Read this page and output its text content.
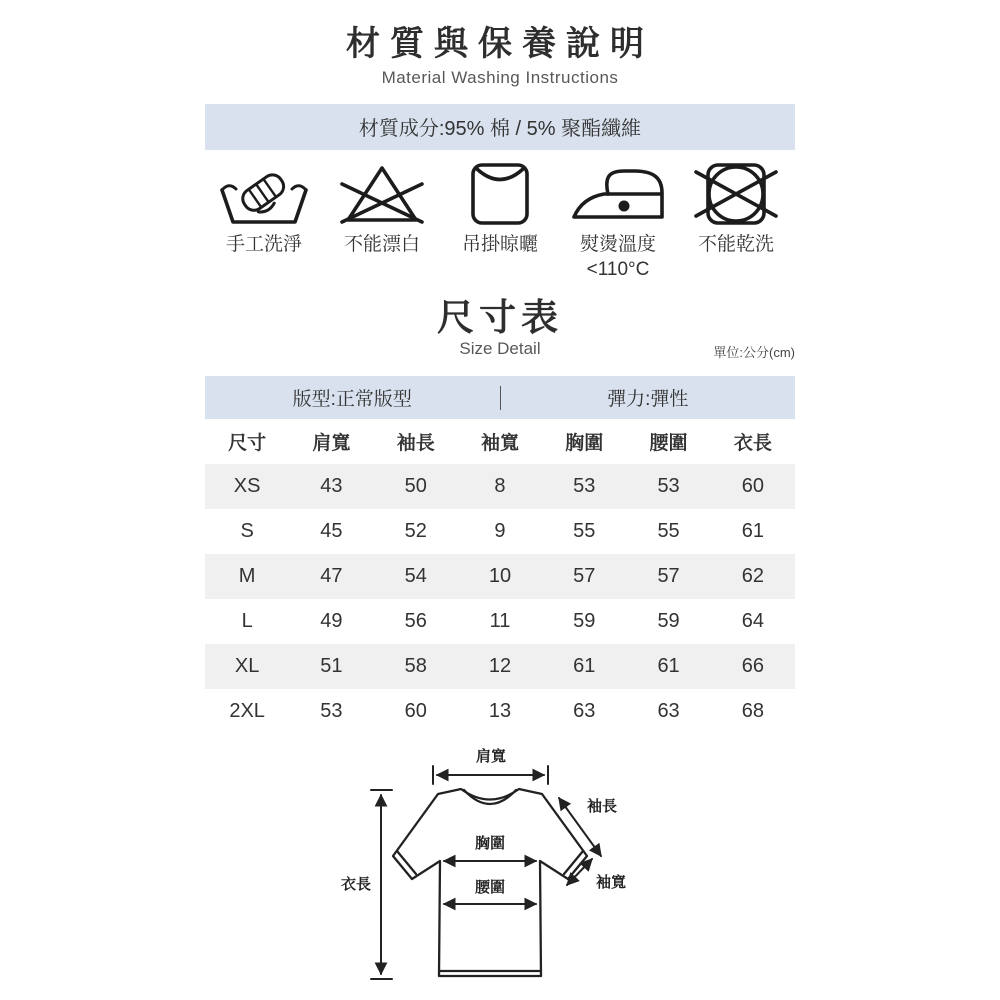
材質與保養說明
Material Washing Instructions
材質成分:95% 棉 / 5% 聚酯纖維
手工洗淨	不能漂白	吊掛晾曬	熨燙溫度
<110°C
不能乾洗
尺寸表
Size Detail	單位:公分(cm)
版型:正常版型	彈力:彈性
尺寸	肩寬	袖長	袖寬	胸圍	腰圍	衣長
XS	43	50	8	53	53	60
S	45	52	9	55	55	61
M	47	54	10	57	57	62
L	49	56	11	59	59	64
XL	51	58	12	61	61	66
2XL	53	60	13	63	63	68
肩寬
衣長
胸圍
腰圍
袖長
袖寬
